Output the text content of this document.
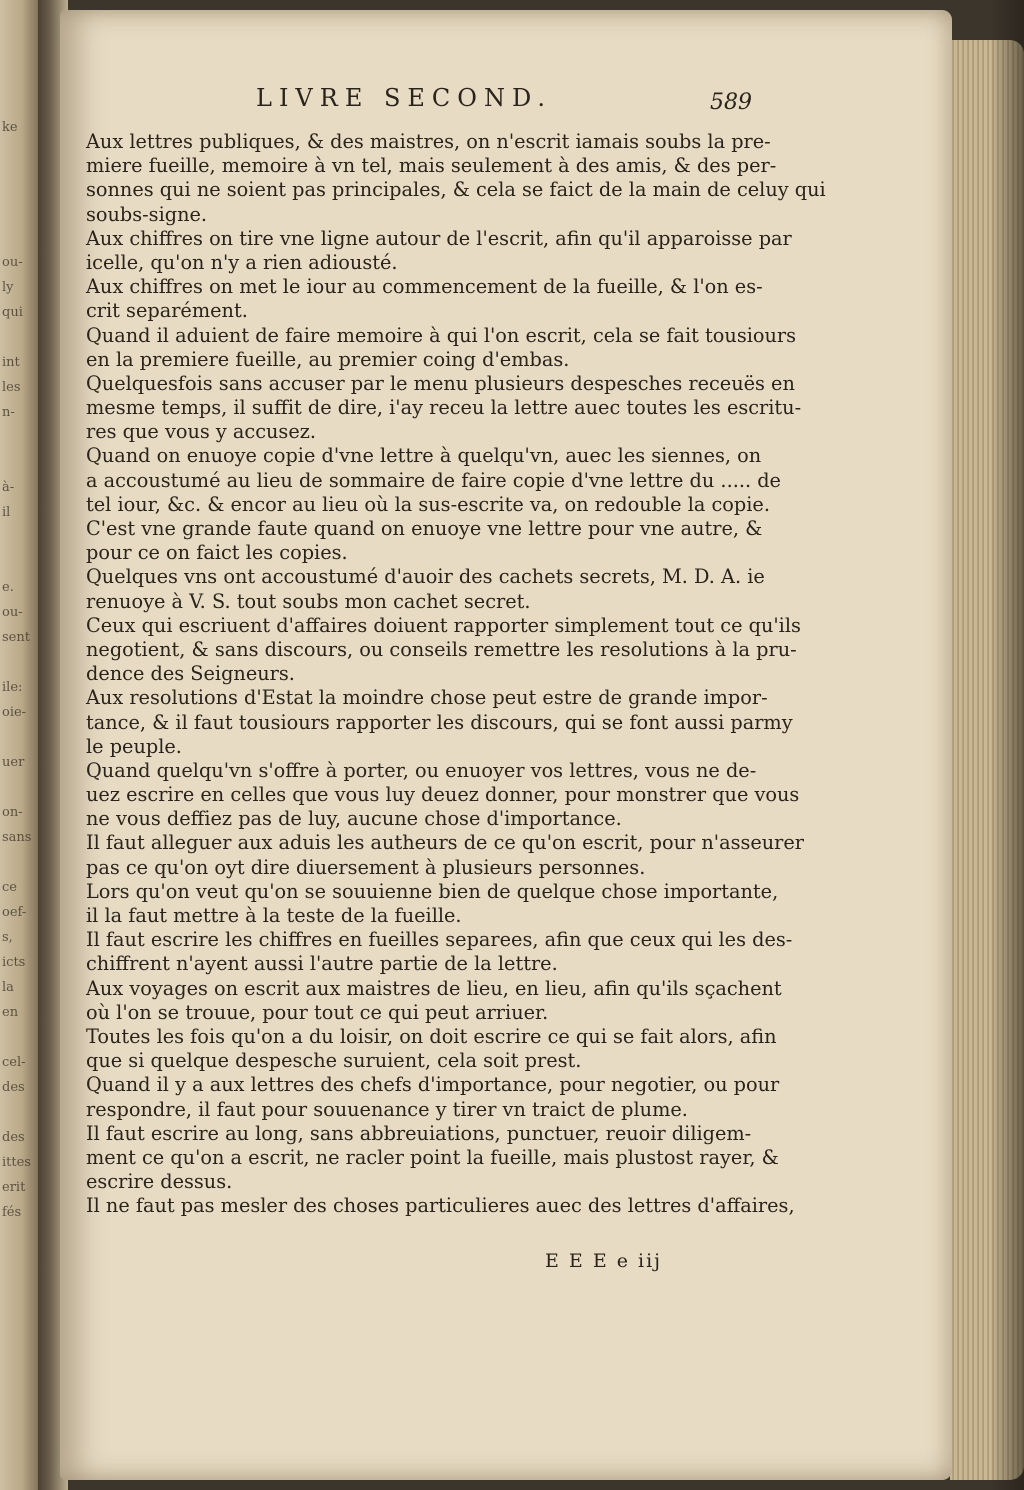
ke
ou-
ly
qui
int
les
n-
à-
il
e.
ou-
sent
ile:
oie-
uer
on-
sans
ce
oef-
s,
icts
la
en
cel-
des
des
ittes
erit
fés
LIVRE SECOND.	589
Aux lettres publiques, & des maistres, on n'escrit iamais soubs la pre-
miere fueille, memoire à vn tel, mais seulement à des amis, & des per-
sonnes qui ne soient pas principales, & cela se faict de la main de celuy qui
soubs-signe.
Aux chiffres on tire vne ligne autour de l'escrit, afin qu'il apparoisse par
icelle, qu'on n'y a rien adiousté.
Aux chiffres on met le iour au commencement de la fueille, & l'on es-
crit separément.
Quand il aduient de faire memoire à qui l'on escrit, cela se fait tousiours
en la premiere fueille, au premier coing d'embas.
Quelquesfois sans accuser par le menu plusieurs despesches receuës en
mesme temps, il suffit de dire, i'ay receu la lettre auec toutes les escritu-
res que vous y accusez.
Quand on enuoye copie d'vne lettre à quelqu'vn, auec les siennes, on
a accoustumé au lieu de sommaire de faire copie d'vne lettre du ..... de
tel iour, &c. & encor au lieu où la sus-escrite va, on redouble la copie.
C'est vne grande faute quand on enuoye vne lettre pour vne autre, &
pour ce on faict les copies.
Quelques vns ont accoustumé d'auoir des cachets secrets, M. D. A. ie
renuoye à V. S. tout soubs mon cachet secret.
Ceux qui escriuent d'affaires doiuent rapporter simplement tout ce qu'ils
negotient, & sans discours, ou conseils remettre les resolutions à la pru-
dence des Seigneurs.
Aux resolutions d'Estat la moindre chose peut estre de grande impor-
tance, & il faut tousiours rapporter les discours, qui se font aussi parmy
le peuple.
Quand quelqu'vn s'offre à porter, ou enuoyer vos lettres, vous ne de-
uez escrire en celles que vous luy deuez donner, pour monstrer que vous
ne vous deffiez pas de luy, aucune chose d'importance.
Il faut alleguer aux aduis les autheurs de ce qu'on escrit, pour n'asseurer
pas ce qu'on oyt dire diuersement à plusieurs personnes.
Lors qu'on veut qu'on se souuienne bien de quelque chose importante,
il la faut mettre à la teste de la fueille.
Il faut escrire les chiffres en fueilles separees, afin que ceux qui les des-
chiffrent n'ayent aussi l'autre partie de la lettre.
Aux voyages on escrit aux maistres de lieu, en lieu, afin qu'ils sçachent
où l'on se trouue, pour tout ce qui peut arriuer.
Toutes les fois qu'on a du loisir, on doit escrire ce qui se fait alors, afin
que si quelque despesche suruient, cela soit prest.
Quand il y a aux lettres des chefs d'importance, pour negotier, ou pour
respondre, il faut pour souuenance y tirer vn traict de plume.
Il faut escrire au long, sans abbreuiations, punctuer, reuoir diligem-
ment ce qu'on a escrit, ne racler point la fueille, mais plustost rayer, &
escrire dessus.
Il ne faut pas mesler des choses particulieres auec des lettres d'affaires,
E E E e iij
